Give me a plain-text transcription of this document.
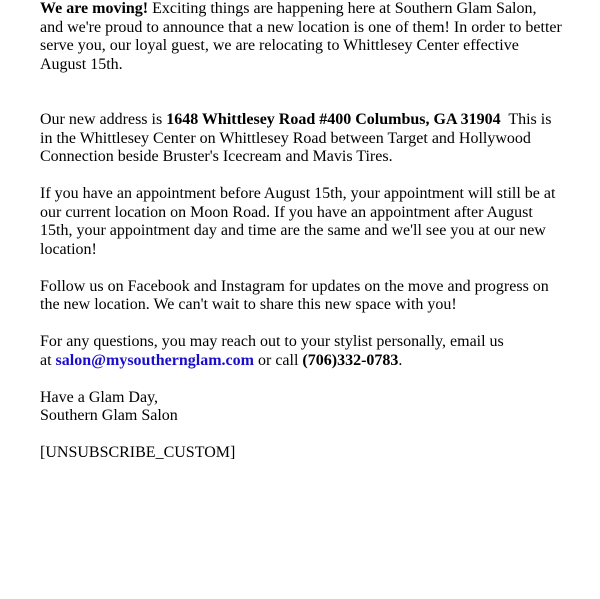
We are moving! Exciting things are happening here at Southern Glam Salon, and we're proud to announce that a new location is one of them! In order to better serve you, our loyal guest, we are relocating to Whittlesey Center effective August 15th.

Our new address is 1648 Whittlesey Road #400 Columbus, GA 31904  This is in the Whittlesey Center on Whittlesey Road between Target and Hollywood Connection beside Bruster's Icecream and Mavis Tires.

If you have an appointment before August 15th, your appointment will still be at our current location on Moon Road. If you have an appointment after August 15th, your appointment day and time are the same and we'll see you at our new location!

Follow us on Facebook and Instagram for updates on the move and progress on the new location. We can't wait to share this new space with you!

For any questions, you may reach out to your stylist personally, email us
at salon@mysouthernglam.com or call (706)332-0783.

Have a Glam Day,
Southern Glam Salon

[UNSUBSCRIBE_CUSTOM]
